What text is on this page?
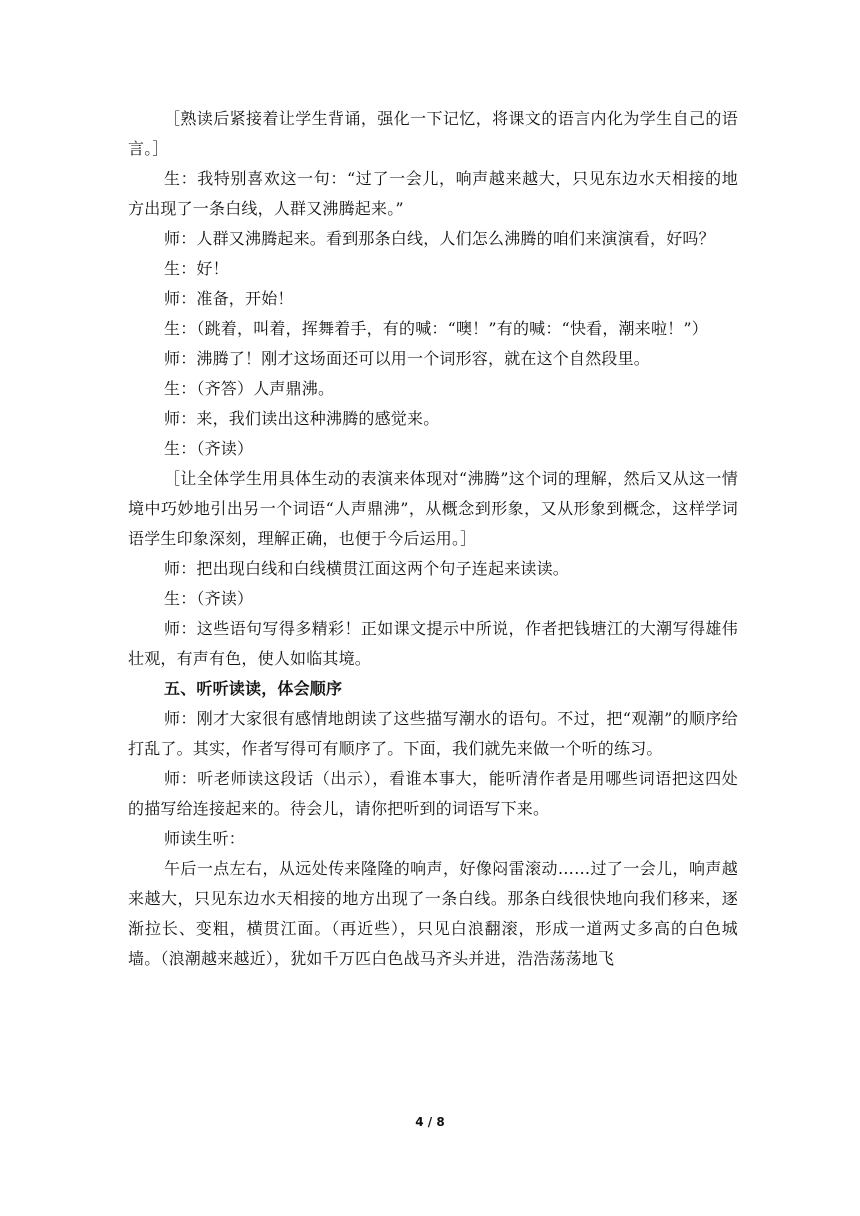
［熟读后紧接着让学生背诵，强化一下记忆，将课文的语言内化为学生自己的语言。］

生：我特别喜欢这一句：“过了一会儿，响声越来越大，只见东边水天相接的地方出现了一条白线，人群又沸腾起来。”

师：人群又沸腾起来。看到那条白线，人们怎么沸腾的咱们来演演看，好吗？

生：好！

师：准备，开始！

生：（跳着，叫着，挥舞着手，有的喊：“噢！”有的喊：“快看，潮来啦！”）

师：沸腾了！刚才这场面还可以用一个词形容，就在这个自然段里。

生：（齐答）人声鼎沸。

师：来，我们读出这种沸腾的感觉来。

生：（齐读）

［让全体学生用具体生动的表演来体现对“沸腾”这个词的理解，然后又从这一情境中巧妙地引出另一个词语“人声鼎沸”，从概念到形象，又从形象到概念，这样学词语学生印象深刻，理解正确，也便于今后运用。］

师：把出现白线和白线横贯江面这两个句子连起来读读。

生：（齐读）

师：这些语句写得多精彩！正如课文提示中所说，作者把钱塘江的大潮写得雄伟壮观，有声有色，使人如临其境。

五、听听读读，体会顺序

师：刚才大家很有感情地朗读了这些描写潮水的语句。不过，把“观潮”的顺序给打乱了。其实，作者写得可有顺序了。下面，我们就先来做一个听的练习。

师：听老师读这段话（出示），看谁本事大，能听清作者是用哪些词语把这四处的描写给连接起来的。待会儿，请你把听到的词语写下来。

师读生听：

午后一点左右，从远处传来隆隆的响声，好像闷雷滚动……过了一会儿，响声越来越大，只见东边水天相接的地方出现了一条白线。那条白线很快地向我们移来，逐渐拉长、变粗，横贯江面。（再近些），只见白浪翻滚，形成一道两丈多高的白色城墙。（浪潮越来越近），犹如千万匹白色战马齐头并进，浩浩荡荡地飞

4 / 8
